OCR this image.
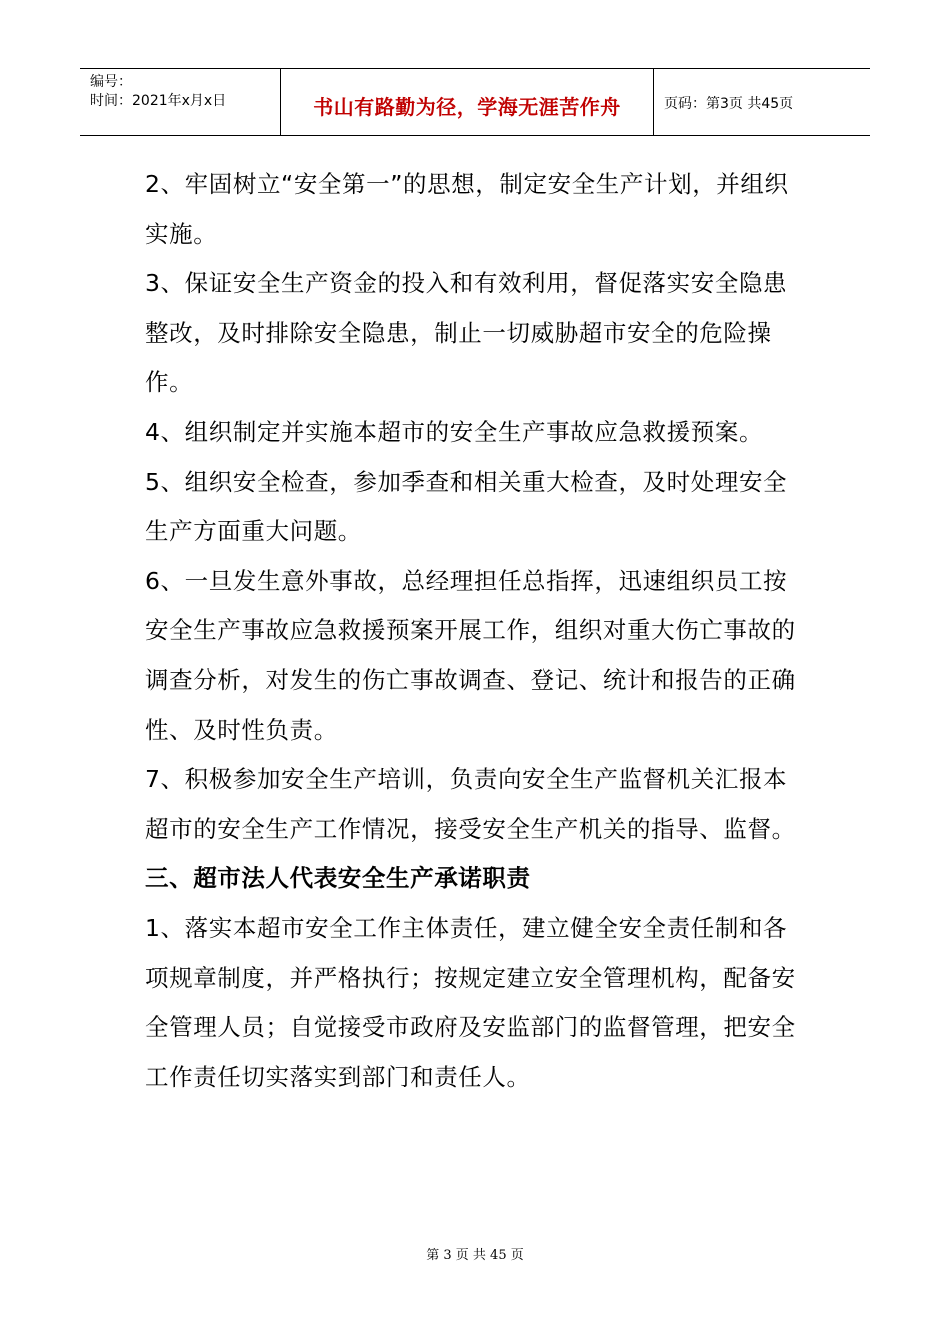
编号：
时间：2021年x月x日	书山有路勤为径，学海无涯苦作舟	页码：第3页 共45页

2、牢固树立“安全第一”的思想，制定安全生产计划，并组织实施。

3、保证安全生产资金的投入和有效利用，督促落实安全隐患整改，及时排除安全隐患，制止一切威胁超市安全的危险操作。

4、组织制定并实施本超市的安全生产事故应急救援预案。

5、组织安全检查，参加季查和相关重大检查，及时处理安全生产方面重大问题。

6、一旦发生意外事故，总经理担任总指挥，迅速组织员工按安全生产事故应急救援预案开展工作，组织对重大伤亡事故的调查分析，对发生的伤亡事故调查、登记、统计和报告的正确性、及时性负责。

7、积极参加安全生产培训，负责向安全生产监督机关汇报本超市的安全生产工作情况，接受安全生产机关的指导、监督。

三、超市法人代表安全生产承诺职责

1、落实本超市安全工作主体责任，建立健全安全责任制和各项规章制度，并严格执行；按规定建立安全管理机构，配备安全管理人员；自觉接受市政府及安监部门的监督管理，把安全工作责任切实落实到部门和责任人。

第 3 页 共 45 页
